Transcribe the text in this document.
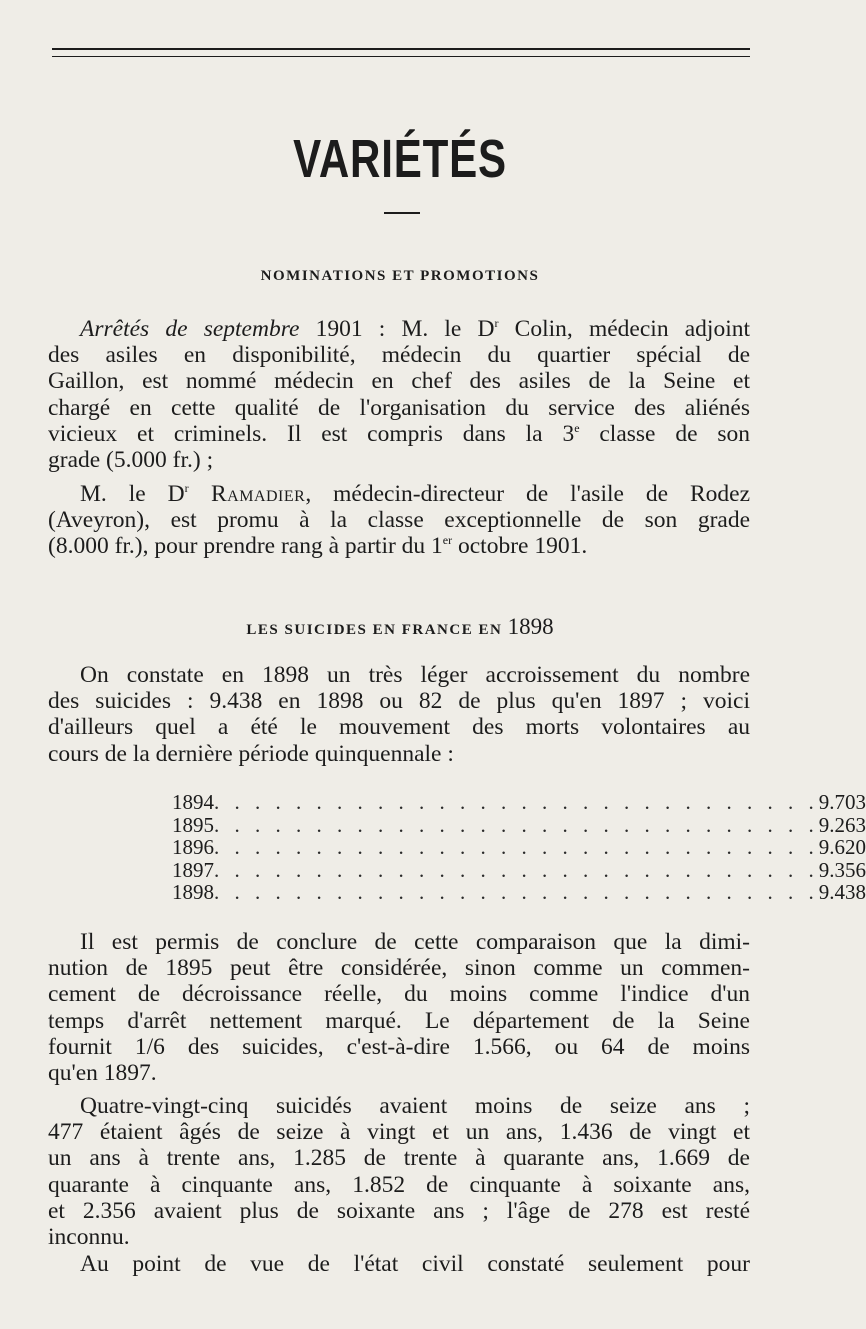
VARIÉTÉS
NOMINATIONS ET PROMOTIONS
Arrêtés de septembre 1901 : M. le $D^r$ Colin, médecin adjoint
des asiles en disponibilité, médecin du quartier spécial de
Gaillon, est nommé médecin en chef des asiles de la Seine et
chargé en cette qualité de l'organisation du service des aliénés
vicieux et criminels. Il est compris dans la 3e classe de son
grade (5.000 fr.) ;
M. le $D^r$ Ramadier, médecin-directeur de l'asile de Rodez
(Aveyron), est promu à la classe exceptionnelle de son grade
(8.000 fr.), pour prendre rang à partir du 1er octobre 1901.
LES SUICIDES EN FRANCE EN 1898
On constate en 1898 un très léger accroissement du nombre
des suicides : 9.438 en 1898 ou 82 de plus qu'en 1897 ; voici
d'ailleurs quel a été le mouvement des morts volontaires au
cours de la dernière période quinquennale :
1894 . . . . . . . . . . . . . . . . . . . . . . . . . . . . . . 9.703
1895 . . . . . . . . . . . . . . . . . . . . . . . . . . . . . . 9.263
1896 . . . . . . . . . . . . . . . . . . . . . . . . . . . . . . 9.620
1897 . . . . . . . . . . . . . . . . . . . . . . . . . . . . . . 9.356
1898 . . . . . . . . . . . . . . . . . . . . . . . . . . . . . . 9.438
Il est permis de conclure de cette comparaison que la dimi-
nution de 1895 peut être considérée, sinon comme un commen-
cement de décroissance réelle, du moins comme l'indice d'un
temps d'arrêt nettement marqué. Le département de la Seine
fournit 1/6 des suicides, c'est-à-dire 1.566, ou 64 de moins
qu'en 1897.
Quatre-vingt-cinq suicidés avaient moins de seize ans ;
477 étaient âgés de seize à vingt et un ans, 1.436 de vingt et
un ans à trente ans, 1.285 de trente à quarante ans, 1.669 de
quarante à cinquante ans, 1.852 de cinquante à soixante ans,
et 2.356 avaient plus de soixante ans ; l'âge de 278 est resté
inconnu.
Au point de vue de l'état civil constaté seulement pour
